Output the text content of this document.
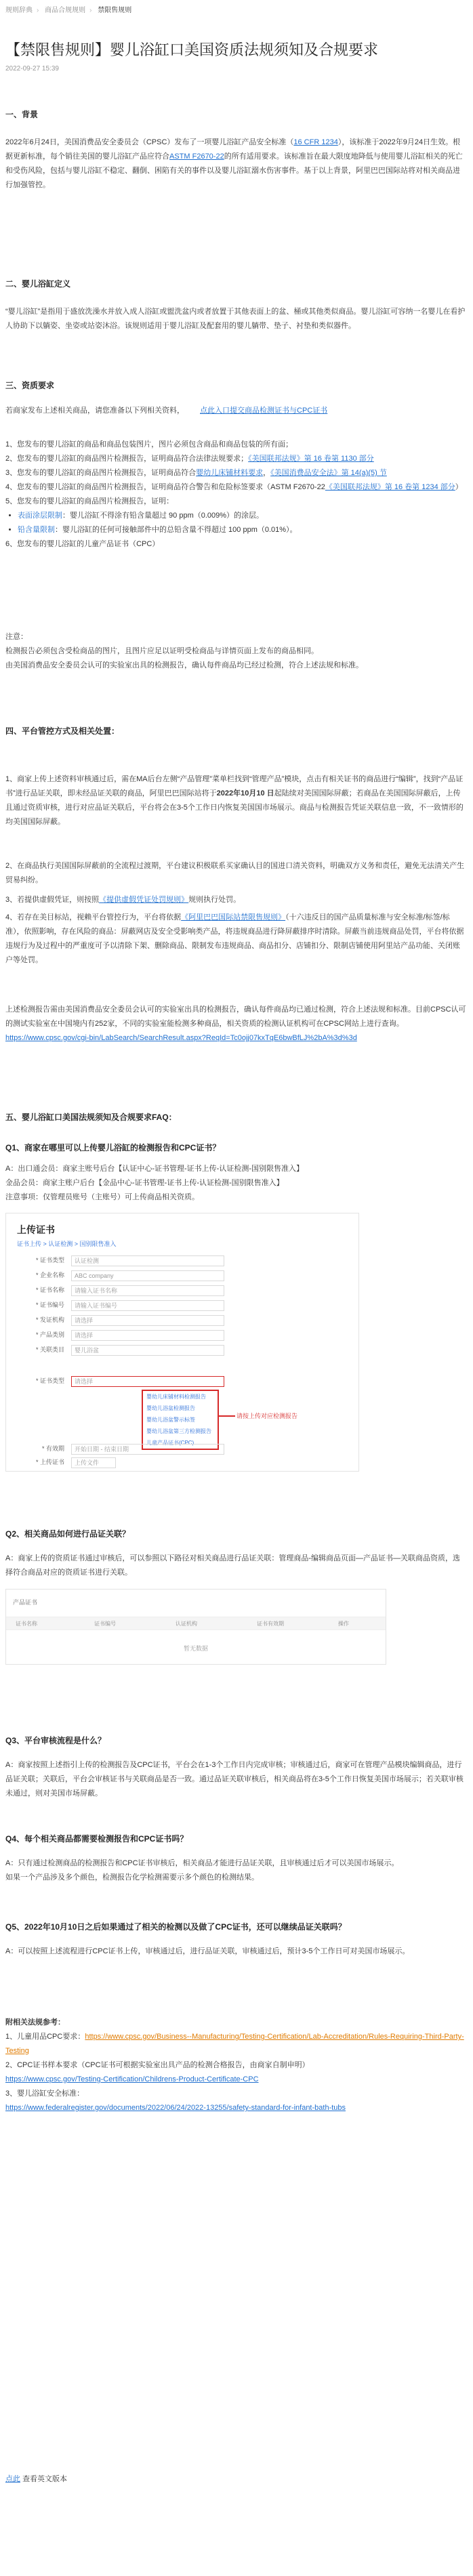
规则辞典 › 商品合规规则 › 禁限售规则
【禁限售规则】婴儿浴缸口美国资质法规须知及合规要求
2022-09-27 15:39
一、背景
2022年6月24日，美国消费品安全委员会（CPSC）发布了一项婴儿浴缸产品安全标准（16 CFR 1234），该标准于2022年9月24日生效。根据更新标准，每个销往美国的婴儿浴缸产品应符合ASTM F2670-22的所有适用要求。该标准旨在最大限度地降低与使用婴儿浴缸相关的死亡和受伤风险，包括与婴儿浴缸不稳定、翻倒、困陷有关的事件以及婴儿浴缸溺水伤害事件。基于以上背景，阿里巴巴国际站将对相关商品进行加强管控。
二、婴儿浴缸定义
“婴儿浴缸”是指用于盛放洗澡水并放入成人浴缸或盥洗盆内或者放置于其他表面上的盆、桶或其他类似商品。婴儿浴缸可容纳一名婴儿在看护人协助下以躺姿、坐姿或站姿沐浴。该规则适用于婴儿浴缸及配套用的婴儿躺带、垫子、衬垫和类似器件。
三、资质要求
若商家发布上述相关商品，请您准备以下列相关资料， 点此入口提交商品检测证书与CPC证书

1、您发布的婴儿浴缸的商品和商品包装图片，图片必须包含商品和商品包装的所有面；

2、您发布的婴儿浴缸的商品图片检测报告，证明商品符合法律法规要求；《美国联邦法规》第 16 卷第 1130 部分

3、您发布的婴儿浴缸的商品图片检测报告，证明商品符合婴幼儿床铺材料要求，《美国消费品安全法》第 14(a)(5) 节

4、您发布的婴儿浴缸的商品图片检测报告，证明商品符合警告和危险标签要求（ASTM F2670-22《美国联邦法规》第 16 卷第 1234 部分）

5、您发布的婴儿浴缸的商品图片检测报告，证明：

• 表面涂层限制：婴儿浴缸不得涂有铅含量超过 90 ppm（0.009%）的涂层。
• 铅含量限制：婴儿浴缸的任何可接触部件中的总铅含量不得超过 100 ppm（0.01%）。

6、您发布的婴儿浴缸的儿童产品证书（CPC）

注意：

检测报告必须包含受检商品的图片，且图片应足以证明受检商品与详情页面上发布的商品相同。

由美国消费品安全委员会认可的实验室出具的检测报告，确认每件商品均已经过检测，符合上述法规和标准。

四、平台管控方式及相关处置：
1、商家上传上述资料审核通过后，需在MA后台左侧“产品管理”菜单栏找到“管理产品”模块，点击有相关证书的商品进行“编辑”，找到“产品证书”进行品证关联，即未经品证关联的商品，阿里巴巴国际站将于2022年10月10 日起陆续对美国国际屏蔽；若商品在美国国际屏蔽后，上传且通过资质审核，进行对应品证关联后，平台将会在3-5个工作日内恢复美国国市场展示。商品与检测报告凭证关联信息一致，不一致情形的均美国国际屏蔽。
2、在商品执行美国国际屏蔽前的全流程过渡期，平台建议积极联系买家确认目的国进口清关资料，明确双方义务和责任，避免无法清关产生贸易纠纷。
3、若提供虚假凭证，则按照《提供虚假凭证处罚规则》规则执行处罚。
4、若存在美目标站，视赖平台管控行为，平台将依据《阿里巴巴国际站禁限售规则》（十六违反目的国产品质量标准与安全标准/标签/标准），依照影响，存在风险的商品：屏蔽网店及安全受影响类产品，将违规商品进行降屏蔽排序时清除。屏蔽当前违规商品处罚，平台将依据违规行为及过程中的严重度可予以清除下架、删除商品、限制发布违规商品、商品扣分、店铺扣分、限制店铺使用阿里站产品功能、关闭账户等处罚。
上述检测报告需由美国消费品安全委员会认可的实验室出具的检测报告，确认每件商品均已通过检测，符合上述法规和标准。目前CPSC认可的测试实验室在中国境内有252家，不同的实验室能检测多种商品，相关资质的检测认证机构可在CPSC网站上进行查询。
https://www.cpsc.gov/cgi-bin/LabSearch/SearchResult.aspx?ReqId=Tc0ojj07kxTqE6bwBfLJ%2bA%3d%3d
五、婴儿浴缸口美国法规须知及合规要求FAQ：
Q1、商家在哪里可以上传婴儿浴缸的检测报告和CPC证书？

A：出口通会员：商家主账号后台【认证中心-证书管理-证书上传-认证检测-国别限售准入】

金品会员：商家主账户后台【金品中心-证书管理-证书上传-认证检测-国别限售准入】

注意事项：仅管理员账号（主账号）可上传商品相关资质。

上传证书
证书上传 > 认证检测 > 国别限售准入
* 证书类型 认证检测
* 企业名称 ABC company
* 证书名称 请输入证书名称
* 证书编号 请输入证书编号
* 发证机构 请选择
* 产品类别 请选择
* 关联类目 婴儿浴盆
* 证书类型 请选择
婴幼儿床铺材料检测报告
婴幼儿浴盆检测报告
婴幼儿浴盆警示标签
婴幼儿浴盆第三方检测报告
儿童产品证书(CPC)
请按上传对应检测报告
* 有效期 开始日期 - 结束日期
* 上传证书 上传文件
Q2、相关商品如何进行品证关联？
A：商家上传的资质证书通过审核后，可以参照以下路径对相关商品进行品证关联：管理商品-编辑商品页面—产品证书—关联商品资质，选择符合商品对应的资质证书进行关联。
产品证书
证书名称	证书编号	认证机构	证书有效期	操作
暂无数据
Q3、平台审核流程是什么？
A：商家按照上述指引上传的检测报告及CPC证书，平台会在1-3个工作日内完成审核；审核通过后，商家可在管理产品模块编辑商品，进行品证关联；关联后，平台会审核证书与关联商品是否一致。通过品证关联审核后，相关商品将在3-5个工作日恢复美国市场展示；若关联审核未通过，则对美国市场屏蔽。
Q4、每个相关商品都需要检测报告和CPC证书吗？

A：只有通过检测商品的检测报告和CPC证书审核后，相关商品才能进行品证关联，且审核通过后才可以美国市场展示。

如果一个产品涉及多个颜色，检测报告化学检测需要示多个颜色的检测结果。

Q5、2022年10月10日之后如果通过了相关的检测以及做了CPC证书，还可以继续品证关联吗？
A：可以按照上述流程进行CPC证书上传，审核通过后，进行品证关联，审核通过后，预计3-5个工作日可对美国市场展示。

附相关法规参考：

1、儿童用品CPC要求：https://www.cpsc.gov/Business--Manufacturing/Testing-Certification/Lab-Accreditation/Rules-Requiring-Third-Party-Testing

2、CPC证书样本要求（CPC证书可根据实验室出具产品的检测合格报告，由商家自制申明）
https://www.cpsc.gov/Testing-Certification/Childrens-Product-Certificate-CPC

3、婴儿浴缸安全标准：
https://www.federalregister.gov/documents/2022/06/24/2022-13255/safety-standard-for-infant-bath-tubs

点此 查看英文版本
